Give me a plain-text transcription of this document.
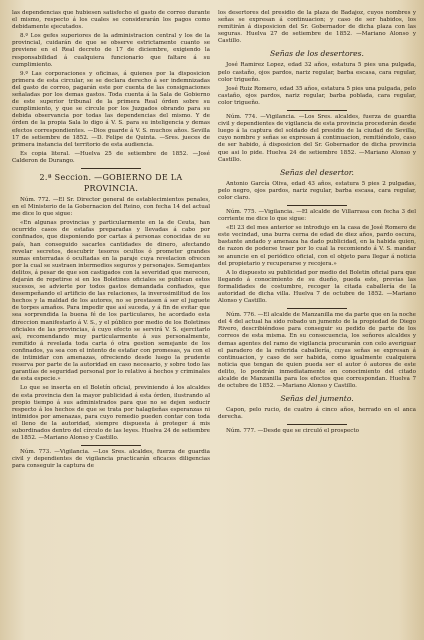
las dependencias que hubiesen satisfecho el gasto de correo durante el mismo, respecto á los cuales se considerarán los pagos como debidamente ejecutados.

8.º Los gefes superiores de la administracion central y los de la provincial, cuidarán de que se observe estrictamente cuanto se previene en el Real decreto de 17 de diciembre, exigiendo la responsabilidad á cualquiera funcionario que faltare á su cumplimiento.

9.º Las corporaciones y oficinas, á quienes por la disposicion primera de esta circular, se se declara derecho á ser indemnizadas del gasto de correo, pagarán este por cuenta de las consignaciones señaladas por los demas gastos. Toda cuenta á la Sala de Gobierno de este superior tribunal de la primera Real órden sobre su cumplimiento, y que se circule por los Juzgados obrando para su debida observancia por todas las dependencias del mismo. Y de órden de la propia Sala lo digo á V. S. para su inteligencia y demas efectos correspondientes. —Dios guarde á V. S. muchos años. Sevilla 17 de setiembre de 1852. —D. Felipe de Quinta. —Sres. jueces de primera instancia del territorio de esta audiencia.

Es copia literal. —Huelva 25 de setiembre de 1852. —José Calderon de Durango.

2.ª Seccion. —GOBIERNO DE LA PROVINCIA.

Núm. 772. —El Sr. Director general de establecimientos penales, en el Ministerio de la Gobernacion del Reino, con fecha 14 del actual me dice lo que sigue:

«En algunas provincias y particularmente en la de Ceuta, han ocurrido casos de estafas preparadas y llevadas á cabo por confinados, que disponiendo por cartas á personas conocidas de su país, han conseguido sacarles cantidades de dinero, afectando revelar secretos, descubrir tesoros ocultos ó prometer grandes sumas enterradas ó ocultadas en la paraje cuya revelacion ofrecen por la cual se sustraen intermedios seguros y personajes. Semejantes delitos, á pesar de que son castigados con la severidad que merecen, dejarán de repetirse si en los Boletines oficiales se publican estos sucesos, se advierte por todos gastos demandada confiados, que desempeñando el artificio de las relaciones, la inverosimilitud de los hechos y la maldad de los autores, no se prestasen á ser el juguete de torpes amaños. Para impedir que así suceda, y á fin de evitar que sea sorprendida la buena fé de los particulares, he acordado esta direccion manifestarlo á V. S., y el público por medio de los Boletines oficiales de las provincias, á cuyo efecto se servirá V. S. ejercitarlo así, recomendando muy particularmente á sus personalmente, remitido á revelada toda carta ó otra gestion semejante de los confinados, ya sea con el intento de estafar con promesas, ya con el de intimidar con amenazas, ofreciendo desde luego la prudente reserva por parte de la autoridad en caso necesario, y sobre todo las garantías de seguridad personal por lo relativo á hechos y criminales de esta especie.»

Lo que se inserta en el Boletín oficial, previniendo á los alcaldes de esta provincia den la mayor publicidad á esta órden, ilustrando al propio tiempo á sus administrados para que no se dejen seducir respecto á los hechos de que se trata por halagüeñas esperanzas ni intimidos por amenazas, para cuyo remedio pueden contar con toda el lleno de la autoridad, siempre dispuesta á proteger á mis subordinados dentro del círculo de las leyes. Huelva 24 de setiembre de 1852. —Mariano Alonso y Castillo.

Núm. 773. —Vigilancia. —Los Sres. alcaldes, fuerza de guardia civil y dependientes de vigilancia practicarán eficaces diligencias para conseguir la captura de

los desertores del presidio de la plaza de Badajoz, cuyos nombres y señas se expresan á continuacion; y caso de ser habidos, los remitirán á disposicion del Sr. Gobernador de dicha plaza con las seguras. Huelva 27 de setiembre de 1852. —Mariano Alonso y Castillo.

Señas de los desertores.

José Ramirez Lopez, edad 32 años, estatura 5 pies una pulgada, pelo castaño, ojos pardos, nariz regular, barba escasa, cara regular, color trigueño.

José Ruiz Romero, edad 35 años, estatura 5 pies una pulgada, pelo castaño, ojos pardos, nariz regular, barba poblada, cara regular, color trigueño.

Núm. 774. —Vigilancia. —Los Sres. alcaldes, fuerza de guardia civil y dependientes de vigilancia de esta provincia procederán desde luego á la captura del soldado del presidio de la ciudad de Sevilla, cuyo nombre y señas se expresan á continuacion, remitiéndolo, caso de ser habido, á disposicion del Sr. Gobernador de dicha provincia que asi lo pide. Huelva 24 de setiembre 1852. —Mariano Alonso y Castillo.

Señas del desertor.

Antonio García Oliva, edad 43 años, estatura 5 pies 2 pulgadas, pelo negro, ojos pardos, nariz regular, barba escasa, cara regular, color claro.

Núm. 775. —Vigilancia. —El alcalde de Villarrasa con fecha 3 del corriente me dice lo que sigue:

«El 23 del mes anterior se introdujo en la casa de José Romero de este vecindad, una burra cerna de edad de diez años, pardo oscura, bastante andado y amenaza ha dado publicidad, en la habida quien, de razon de poderse traer por lo cual la recomiendo á V. S. mandar se anuncie en el periódico oficial, con el objeto para llegar á noticia del propietario y recuperarse y recojera.»

A lo dispuesto su publicidad por medio del Boletin oficial para que llegando á conocimiento de su dueño, pueda este, previas las formalidades de costumbre, recoger la citada caballería de la autoridad de dicha villa. Huelva 7 de octubre de 1852. —Mariano Alonso y Castillo.

Núm. 776. —El alcalde de Manzanilla me da parte que en la noche del 4 del actual ha sido robado un jumento de la propiedad de Diego Rivero, describiéndose para conseguir su pedido de parte de los correos de esta misma. En su consecuencia, los señores alcaldes y demas agentes del ramo de vigilancia procurarán con celo averiguar el paradero de la referida caballería, cuyas señas se expresan á continuacion, y caso de ser habida, como igualmente cualquiera noticia que tengan de quien pueda ser el autor ó autores de este delito, lo pondrán inmediatamente en conocimiento del citado alcalde de Manzanilla para los efectos que correspondan. Huelva 7 de octubre de 1852. —Mariano Alonso y Castillo.

Señas del jumento.

Capon, pelo rucio, de cuatro á cinco años, herrado en el anca derecha.

Núm. 777. —Desde que se circuló el prospecto
